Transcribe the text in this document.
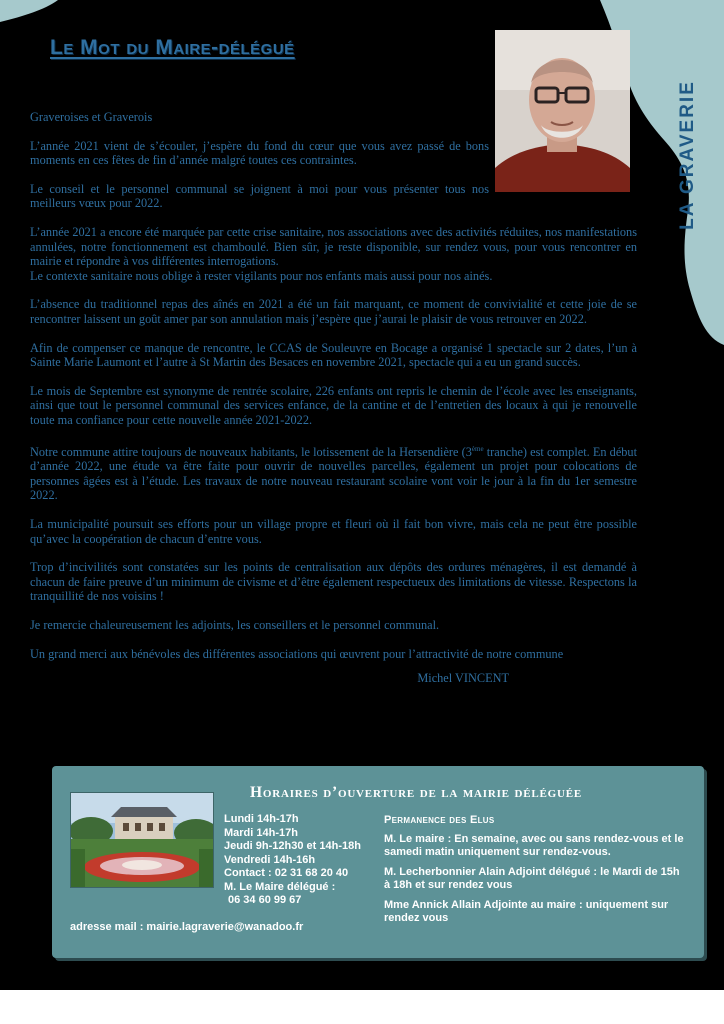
Le Mot du Maire-délégué
LA GRAVERIE

Graveroises et Graverois

L’année 2021 vient de s’écouler, j’espère du fond du cœur que vous avez passé de bons moments en ces fêtes de fin d’année malgré toutes ces contraintes.

Le conseil et le personnel communal se joignent à moi pour vous présenter tous nos meilleurs vœux pour 2022.

L’année 2021 a encore été marquée par cette crise sanitaire, nos associations avec des activités réduites, nos manifestations annulées, notre fonctionnement est chamboulé. Bien sûr, je reste disponible, sur rendez vous, pour vous rencontrer en mairie et répondre à vos différentes interrogations.

Le contexte sanitaire nous oblige à rester vigilants pour nos enfants mais aussi pour nos ainés.

L’absence du traditionnel repas des aînés en 2021 a été un fait marquant, ce moment de convivialité et cette joie de se rencontrer laissent un goût amer par son annulation mais j’espère que j’aurai le plaisir de vous retrouver en 2022.

Afin de compenser ce manque de rencontre, le CCAS de Souleuvre en Bocage a organisé 1 spectacle sur 2 dates, l’un à Sainte Marie Laumont et l’autre à St Martin des Besaces en novembre 2021, spectacle qui a eu un grand succès.

Le mois de Septembre est synonyme de rentrée scolaire, 226 enfants ont repris le chemin de l’école avec les enseignants, ainsi que tout le personnel communal des services enfance, de la cantine et de l’entretien des locaux à qui je renouvelle toute ma confiance pour cette nouvelle année 2021-2022.

Notre commune attire toujours de nouveaux habitants, le lotissement de la Hersendière (3ème tranche) est complet. En début d’année 2022, une étude va être faite pour ouvrir de nouvelles parcelles, également un projet pour colocations de personnes âgées est à l’étude. Les travaux de notre nouveau restaurant scolaire vont voir le jour à la fin du 1er semestre 2022.

La municipalité poursuit ses efforts pour un village propre et fleuri où il fait bon vivre, mais cela ne peut être possible qu’avec la coopération de chacun d’entre vous.

Trop d’incivilités sont constatées sur les points de centralisation aux dépôts des ordures ménagères, il est demandé à chacun de faire preuve d’un minimum de civisme et d’être également respectueux des limitations de vitesse. Respectons la tranquillité de nos voisins !

Je remercie chaleureusement les adjoints, les conseillers et le personnel communal.

Un grand merci aux bénévoles des différentes associations qui œuvrent pour l’attractivité de notre commune

Michel VINCENT

Horaires d’ouverture de la mairie déléguée
Lundi 14h-17h
Mardi 14h-17h
Jeudi 9h-12h30 et 14h-18h
Vendredi 14h-16h
Contact : 02 31 68 20 40
M. Le Maire délégué :
06 34 60 99 67
adresse mail : mairie.lagraverie@wanadoo.fr
Permanence des Elus
M. Le maire : En semaine, avec ou sans rendez-vous et le samedi matin uniquement sur rendez-vous.
M. Lecherbonnier Alain Adjoint délégué : le Mardi de 15h à 18h et sur rendez vous
Mme Annick Allain Adjointe au maire : uniquement sur rendez vous
